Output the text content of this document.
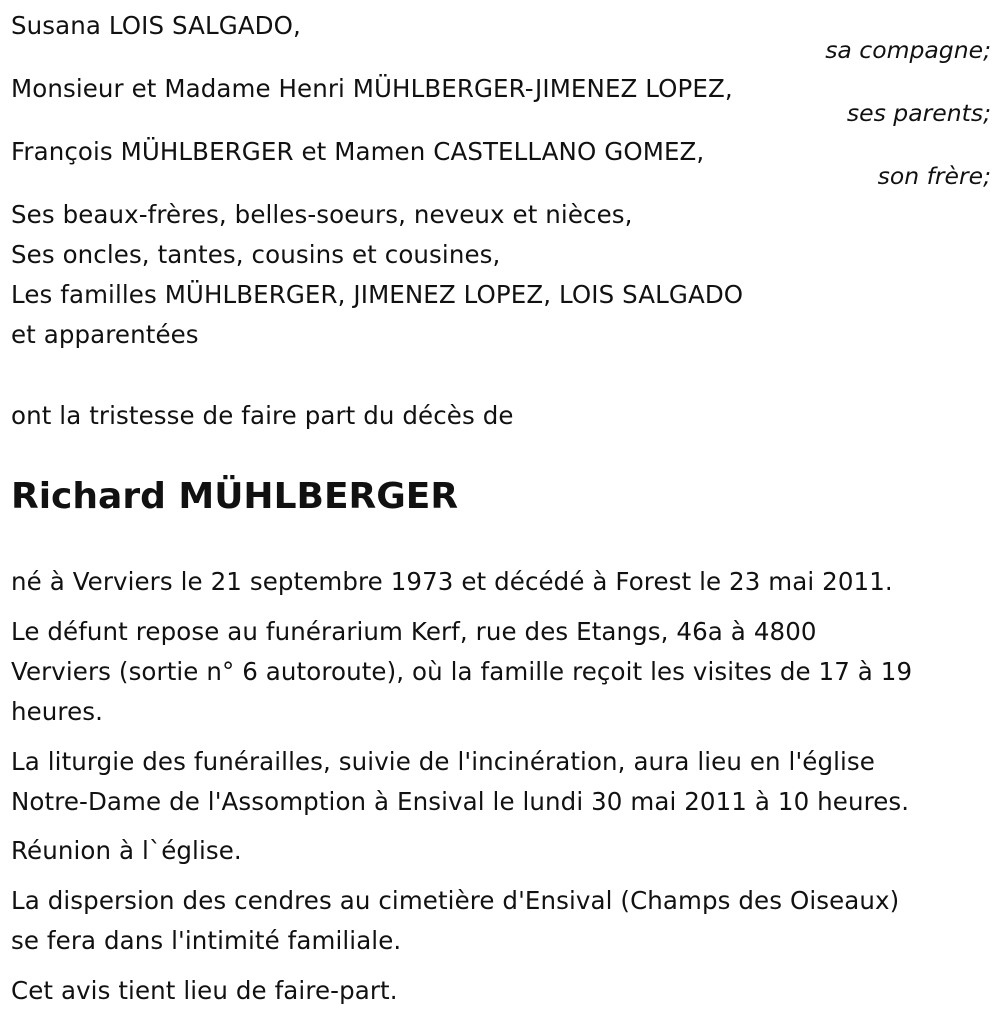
Susana LOIS SALGADO,
sa compagne;
Monsieur et Madame Henri MÜHLBERGER-JIMENEZ LOPEZ,
ses parents;
François MÜHLBERGER et Mamen CASTELLANO GOMEZ,
son frère;
Ses beaux-frères, belles-soeurs, neveux et nièces,
Ses oncles, tantes, cousins et cousines,
Les familles MÜHLBERGER, JIMENEZ LOPEZ, LOIS SALGADO
et apparentées
ont la tristesse de faire part du décès de
Richard MÜHLBERGER
né à Verviers le 21 septembre 1973 et décédé à Forest le 23 mai 2011.
Le défunt repose au funérarium Kerf, rue des Etangs, 46a à 4800
Verviers (sortie n° 6 autoroute), où la famille reçoit les visites de 17 à 19
heures.
La liturgie des funérailles, suivie de l'incinération, aura lieu en l'église
Notre-Dame de l'Assomption à Ensival le lundi 30 mai 2011 à 10 heures.
Réunion à l`église.
La dispersion des cendres au cimetière d'Ensival (Champs des Oiseaux)
se fera dans l'intimité familiale.
Cet avis tient lieu de faire-part.
